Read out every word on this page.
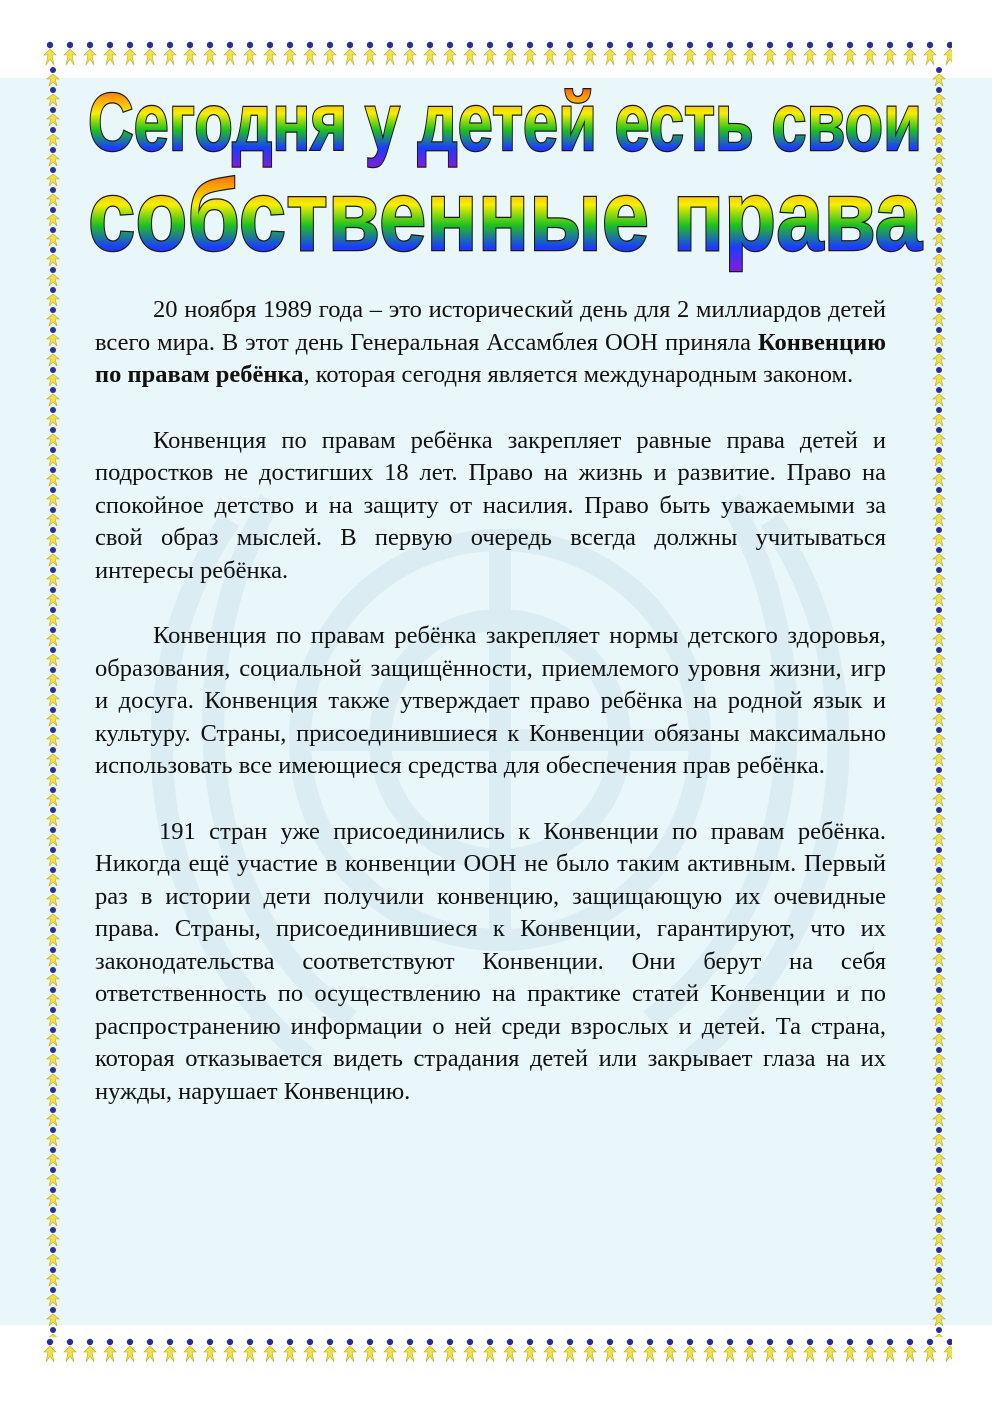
Сегодня у детей есть свои
собственные права

20 ноября 1989 года – это исторический день для 2 миллиардов детей всего мира. В этот день Генеральная Ассамблея ООН приняла Конвенцию по правам ребёнка, которая сегодня является международным законом.

Конвенция по правам ребёнка закрепляет равные права детей и подростков не достигших 18 лет. Право на жизнь и развитие. Право на спокойное детство и на защиту от насилия. Право быть уважаемыми за свой образ мыслей. В первую очередь всегда должны учитываться интересы ребёнка.

Конвенция по правам ребёнка закрепляет нормы детского здоровья, образования, социальной защищённости, приемлемого уровня жизни, игр и досуга. Конвенция также утверждает право ребёнка на родной язык и культуру. Страны, присоединившиеся к Конвенции обязаны максимально использовать все имеющиеся средства для обеспечения прав ребёнка.

191 стран уже присоединились к Конвенции по правам ребёнка. Никогда ещё участие в конвенции ООН не было таким активным. Первый раз в истории дети получили конвенцию, защищающую их очевидные права. Страны, присоединившиеся к Конвенции, гарантируют, что их законодательства соответствуют Конвенции. Они берут на себя ответственность по осуществлению на практике статей Конвенции и по распространению информации о ней среди взрослых и детей. Та страна, которая отказывается видеть страдания детей или закрывает глаза на их нужды, нарушает Конвенцию.
